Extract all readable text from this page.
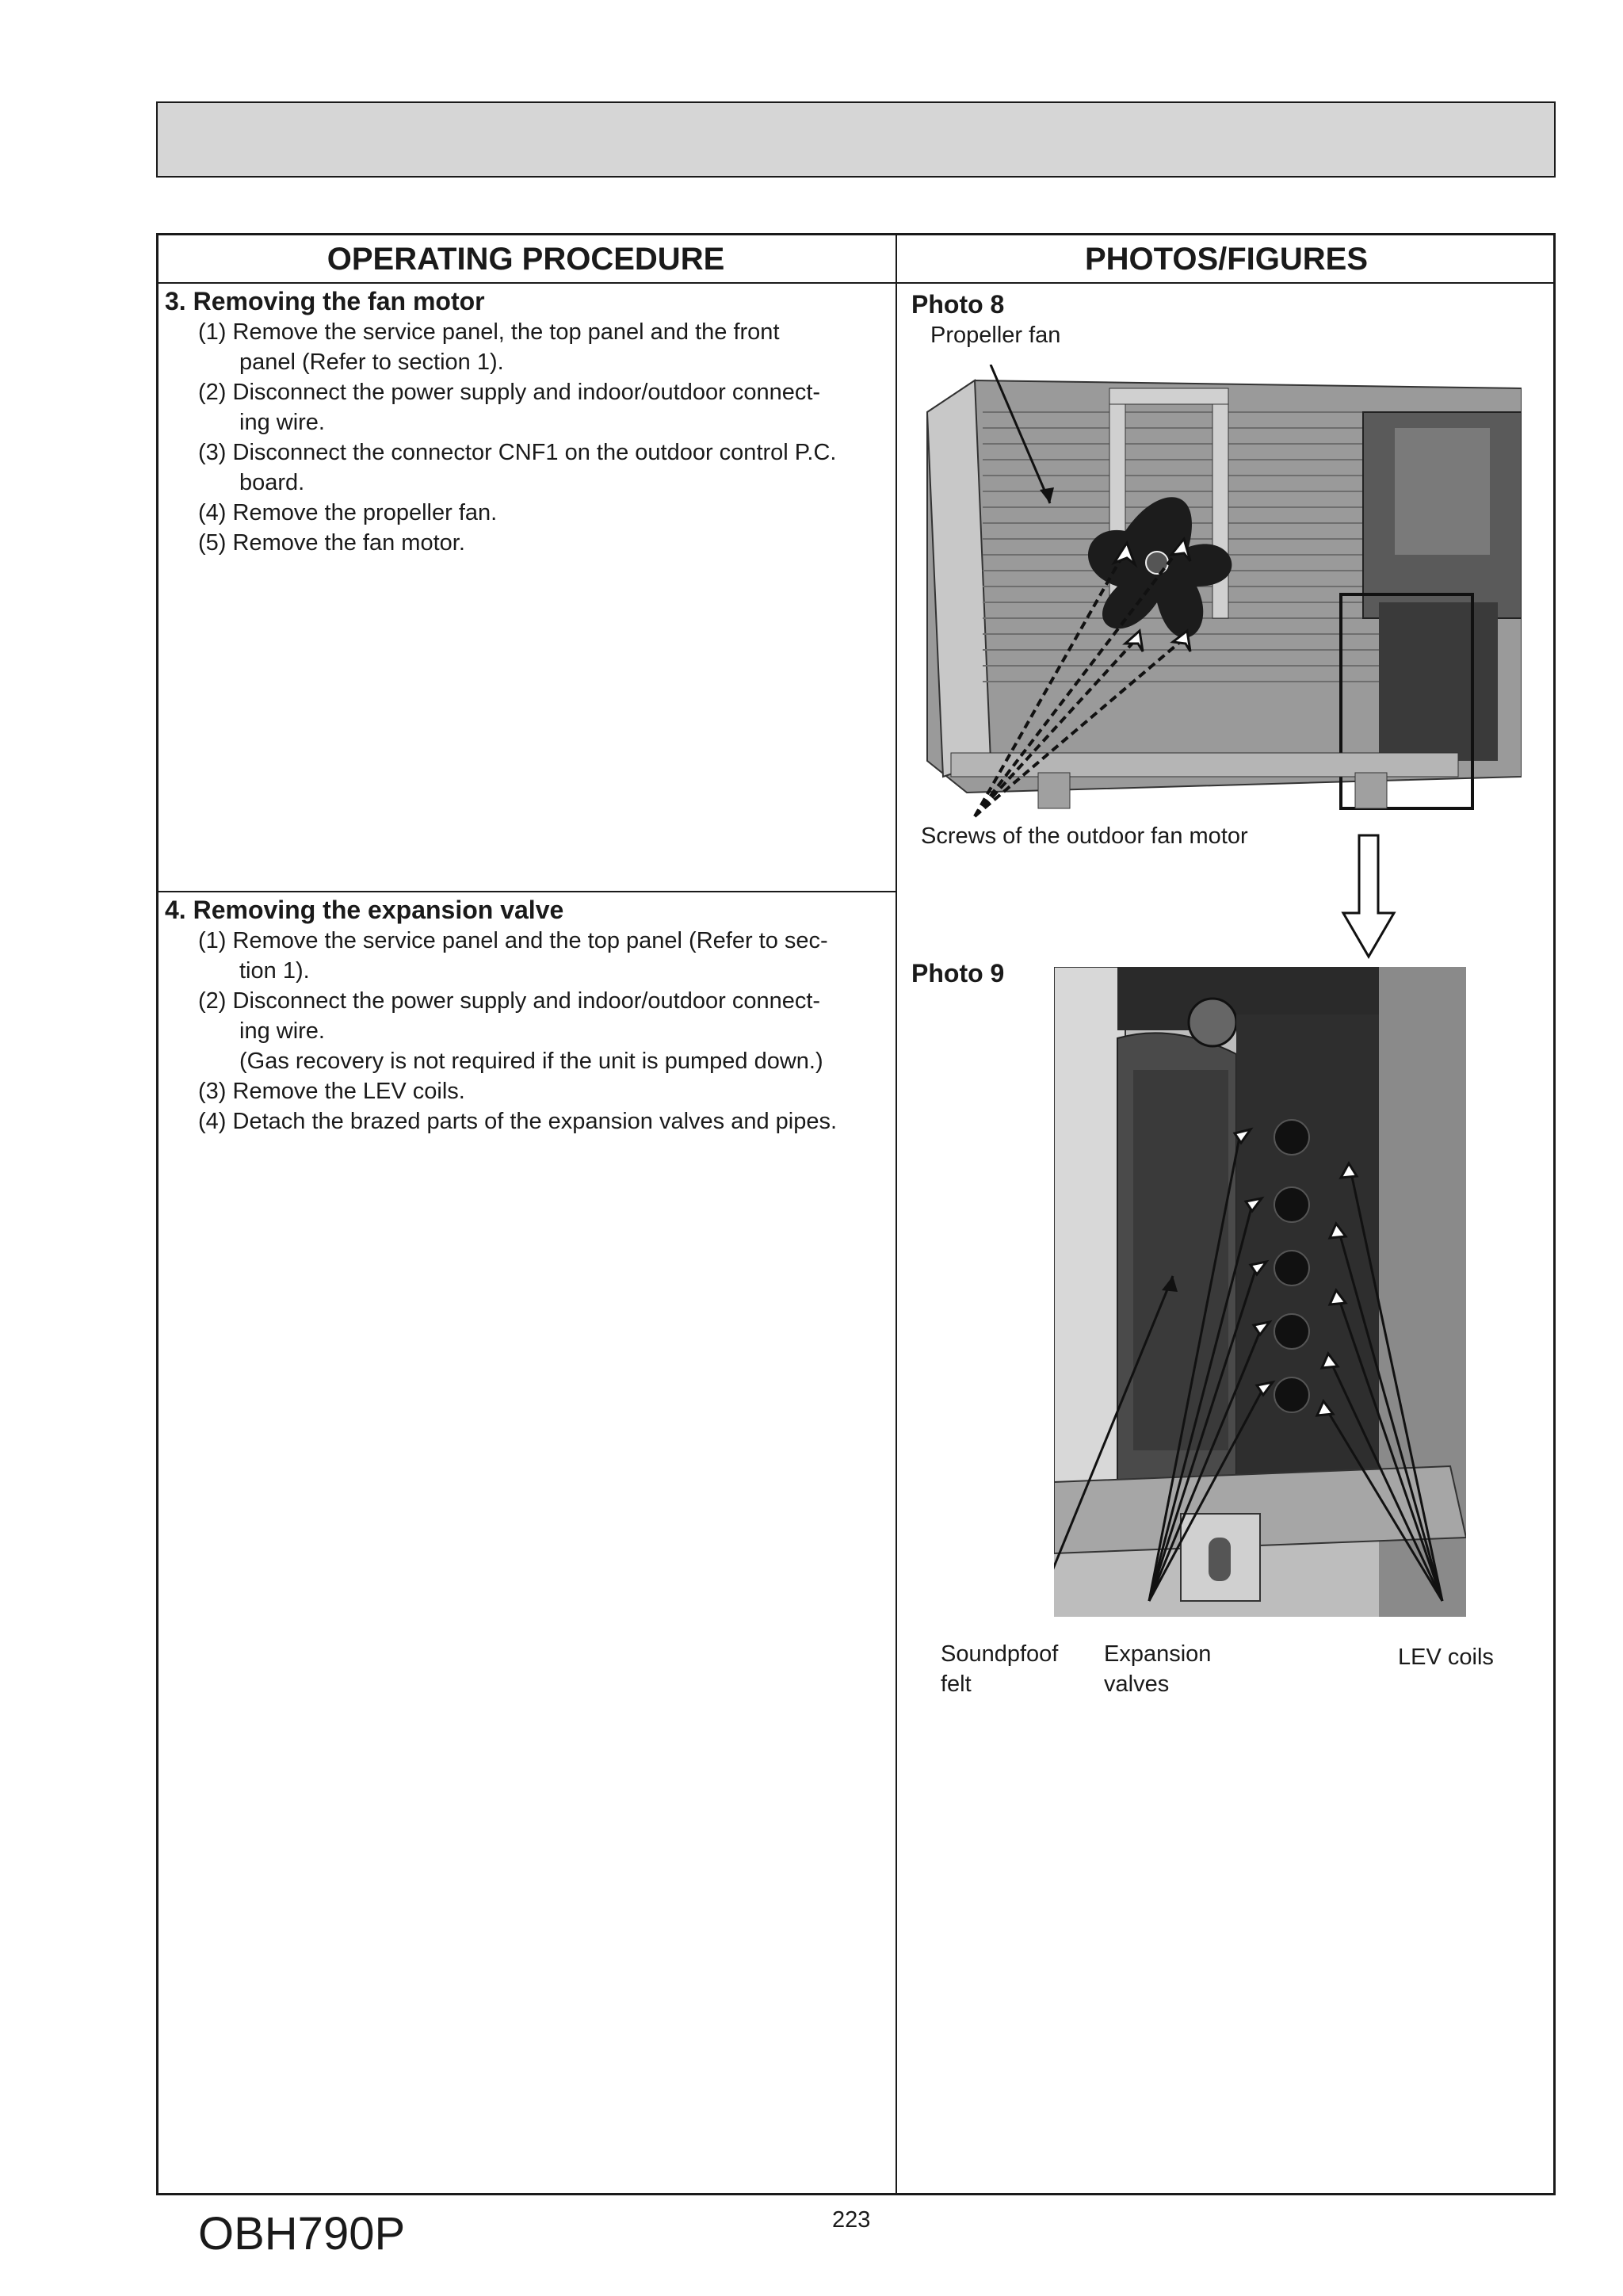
OPERATING PROCEDURE	PHOTOS/FIGURES
3. Removing the fan motor
(1) Remove the service panel, the top panel and the front
panel (Refer to section 1).
(2) Disconnect the power supply and indoor/outdoor connect-
ing wire.
(3) Disconnect the connector CNF1 on the outdoor control P.C.
board.
(4) Remove the propeller fan.
(5) Remove the fan motor.
4. Removing the expansion valve
(1) Remove the service panel and the top panel (Refer to sec-
tion 1).
(2) Disconnect the power supply and indoor/outdoor connect-
ing wire.
(Gas recovery is not required if the unit is pumped down.)
(3) Remove the LEV coils.
(4) Detach the brazed parts of the expansion valves and pipes.
Photo 8
Propeller fan
Screws of the outdoor fan motor
Photo 9
Soundpfoof
felt
Expansion
valves
LEV coils
OBH790P	223
